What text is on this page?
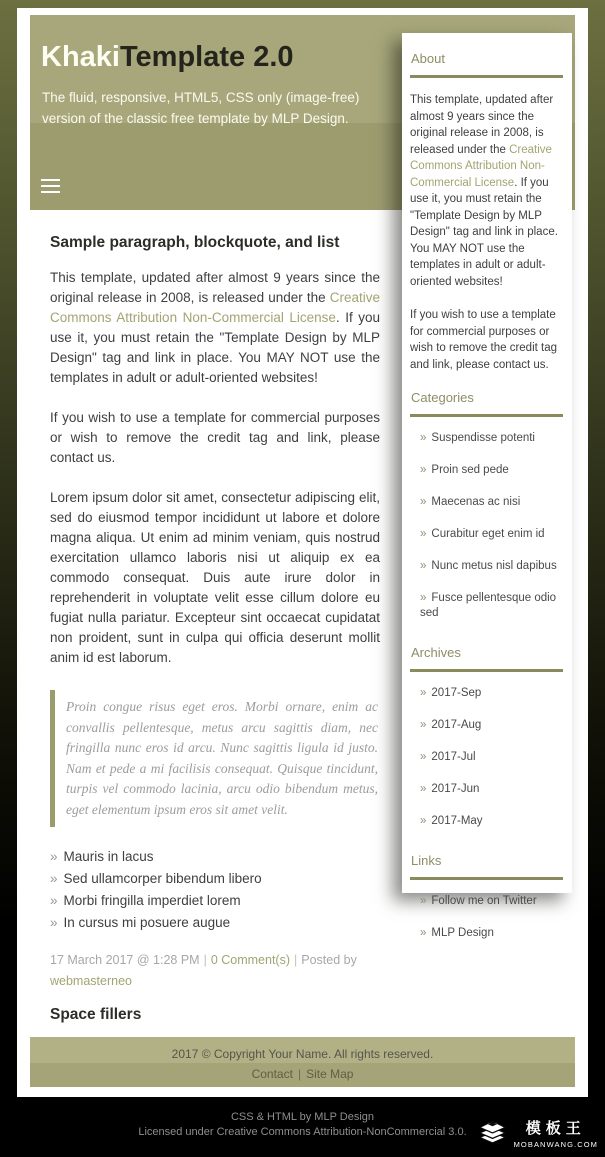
KhakiTemplate 2.0
The fluid, responsive, HTML5, CSS only (image-free) version of the classic free template by MLP Design.
Sample paragraph, blockquote, and list

This template, updated after almost 9 years since the original release in 2008, is released under the Creative Commons Attribution Non-Commercial License. If you use it, you must retain the "Template Design by MLP Design" tag and link in place. You MAY NOT use the templates in adult or adult-oriented websites!

If you wish to use a template for commercial purposes or wish to remove the credit tag and link, please contact us.

Lorem ipsum dolor sit amet, consectetur adipiscing elit, sed do eiusmod tempor incididunt ut labore et dolore magna aliqua. Ut enim ad minim veniam, quis nostrud exercitation ullamco laboris nisi ut aliquip ex ea commodo consequat. Duis aute irure dolor in reprehenderit in voluptate velit esse cillum dolore eu fugiat nulla pariatur. Excepteur sint occaecat cupidatat non proident, sunt in culpa qui officia deserunt mollit anim id est laborum.

Proin congue risus eget eros. Morbi ornare, enim ac convallis pellentesque, metus arcu sagittis diam, nec fringilla nunc eros id arcu. Nunc sagittis ligula id justo. Nam et pede a mi facilisis consequat. Quisque tincidunt, turpis vel commodo lacinia, arcu odio bibendum metus, eget elementum ipsum eros sit amet velit.
» Mauris in lacus
» Sed ullamcorper bibendum libero
» Morbi fringilla imperdiet lorem
» In cursus mi posuere augue
17 March 2017 @ 1:28 PM | 0 Comment(s) | Posted by webmasterneo
Space fillers

About

This template, updated after almost 9 years since the original release in 2008, is released under the Creative Commons Attribution Non-Commercial License. If you use it, you must retain the "Template Design by MLP Design" tag and link in place. You MAY NOT use the templates in adult or adult-oriented websites!

If you wish to use a template for commercial purposes or wish to remove the credit tag and link, please contact us.

Categories
» Suspendisse potenti
» Proin sed pede
» Maecenas ac nisi
» Curabitur eget enim id
» Nunc metus nisl dapibus
» Fusce pellentesque odio sed
Archives
» 2017-Sep
» 2017-Aug
» 2017-Jul
» 2017-Jun
» 2017-May
Links
» Follow me on Twitter
» MLP Design
2017 © Copyright Your Name. All rights reserved.
Contact | Site Map
CSS & HTML by MLP Design
Licensed under Creative Commons Attribution-NonCommercial 3.0.	模板王
MOBANWANG.COM
